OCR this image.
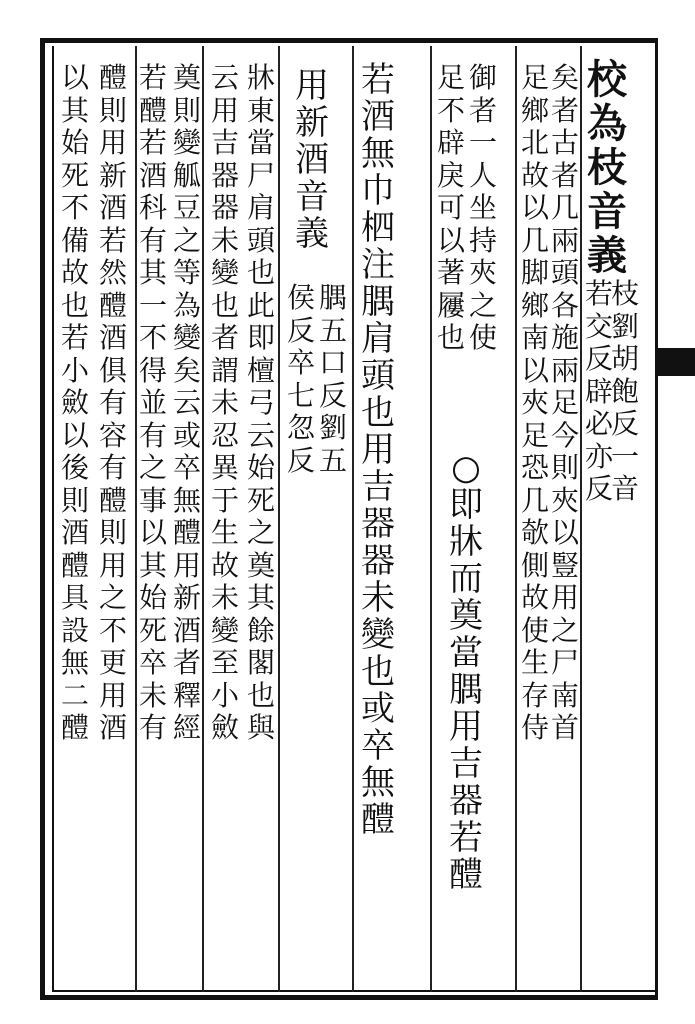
校
為
枝
音
義
枝
劉
胡
飽
反
一
音
若
交
反
辟
必
亦
反
矣
者
古
者
几
兩
頭
各
施
兩
足
今
則
夾
以
豎
用
之
尸
南
首
足
鄉
北
故
以
几
脚
鄉
南
以
夾
足
恐
几
欹
側
故
使
生
存
侍
御
者
一
人
坐
持
夾
之
使
足
不
辟
戾
可
以
著
屨
也
○
即
牀
而
奠
當
腢
用
吉
器
若
醴
若
酒
無
巾
柶
注
腢
肩
頭
也
用
吉
器
器
未
變
也
或
卒
無
醴
用
新
酒
音
義
腢
五
口
反
劉
五
侯
反
卒
七
忽
反
牀
東
當
尸
肩
頭
也
此
即
檀
弓
云
始
死
之
奠
其
餘
閣
也
與
云
用
吉
器
器
未
變
也
者
謂
未
忍
異
于
生
故
未
變
至
小
斂
奠
則
變
觚
豆
之
等
為
變
矣
云
或
卒
無
醴
用
新
酒
者
釋
經
若
醴
若
酒
科
有
其
一
不
得
並
有
之
事
以
其
始
死
卒
未
有
醴
則
用
新
酒
若
然
醴
酒
俱
有
容
有
醴
則
用
之
不
更
用
酒
以
其
始
死
不
備
故
也
若
小
斂
以
後
則
酒
醴
具
設
無
二
醴
